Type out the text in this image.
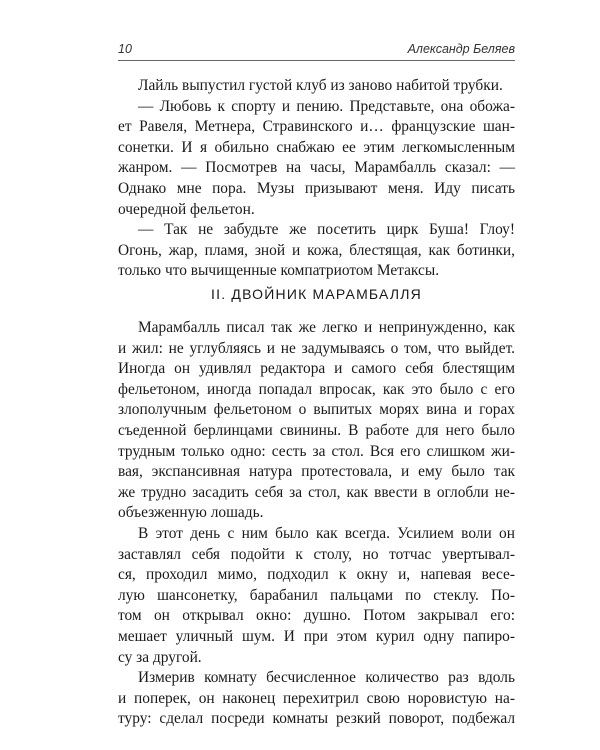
10	Александр Беляев
Лайль выпустил густой клуб из заново набитой трубки.
— Любовь к спорту и пению. Представьте, она обожа-
ет Равеля, Метнера, Стравинского и… французские шан-
сонетки. И я обильно снабжаю ее этим легкомысленным
жанром. — Посмотрев на часы, Марамбалль сказал: —
Однако мне пора. Музы призывают меня. Иду писать
очередной фельетон.
— Так не забудьте же посетить цирк Буша! Глоу!
Огонь, жар, пламя, зной и кожа, блестящая, как ботинки,
только что вычищенные компатриотом Метаксы.
II. ДВОЙНИК МАРАМБАЛЛЯ
Марамбалль писал так же легко и непринужденно, как
и жил: не углубляясь и не задумываясь о том, что выйдет.
Иногда он удивлял редактора и самого себя блестящим
фельетоном, иногда попадал впросак, как это было с его
злополучным фельетоном о выпитых морях вина и горах
съеденной берлинцами свинины. В работе для него было
трудным только одно: сесть за стол. Вся его слишком жи-
вая, экспансивная натура протестовала, и ему было так
же трудно засадить себя за стол, как ввести в оглобли не-
объезженную лошадь.
В этот день с ним было как всегда. Усилием воли он
заставлял себя подойти к столу, но тотчас увертывал-
ся, проходил мимо, подходил к окну и, напевая весе-
лую шансонетку, барабанил пальцами по стеклу. По-
том он открывал окно: душно. Потом закрывал его:
мешает уличный шум. И при этом курил одну папиро-
су за другой.
Измерив комнату бесчисленное количество раз вдоль
и поперек, он наконец перехитрил свою норовистую на-
туру: сделал посреди комнаты резкий поворот, подбежал
